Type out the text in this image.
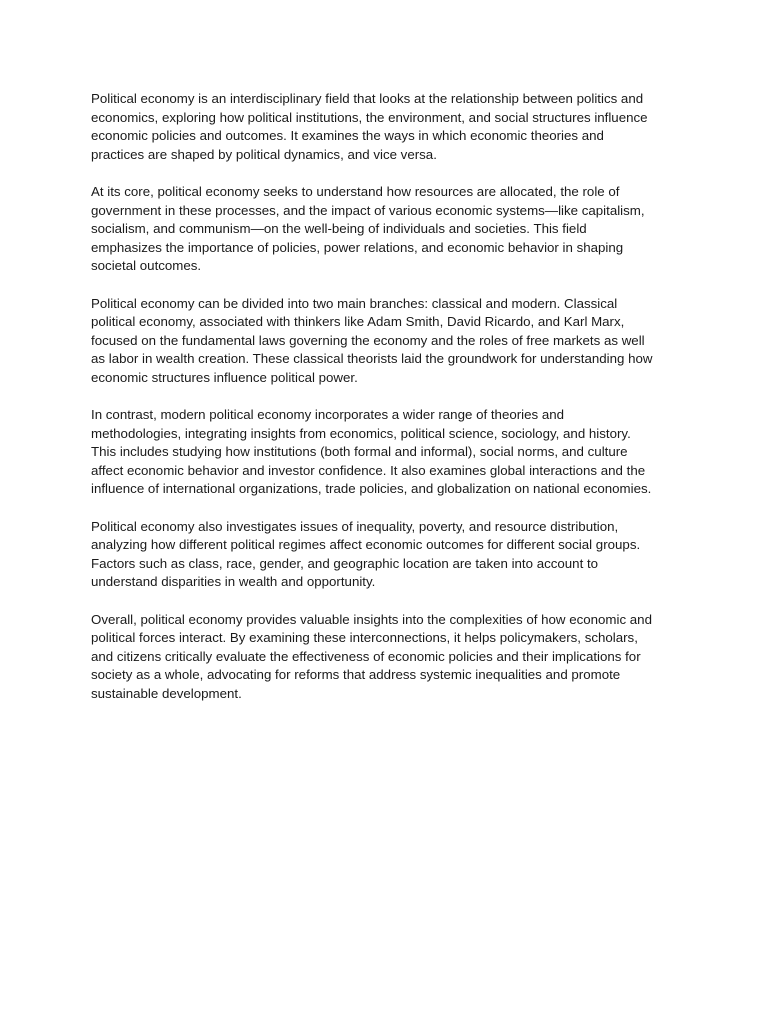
Political economy is an interdisciplinary field that looks at the relationship between politics and
economics, exploring how political institutions, the environment, and social structures influence
economic policies and outcomes. It examines the ways in which economic theories and
practices are shaped by political dynamics, and vice versa.

At its core, political economy seeks to understand how resources are allocated, the role of
government in these processes, and the impact of various economic systems—like capitalism,
socialism, and communism—on the well-being of individuals and societies. This field
emphasizes the importance of policies, power relations, and economic behavior in shaping
societal outcomes.

Political economy can be divided into two main branches: classical and modern. Classical
political economy, associated with thinkers like Adam Smith, David Ricardo, and Karl Marx,
focused on the fundamental laws governing the economy and the roles of free markets as well
as labor in wealth creation. These classical theorists laid the groundwork for understanding how
economic structures influence political power.

In contrast, modern political economy incorporates a wider range of theories and
methodologies, integrating insights from economics, political science, sociology, and history.
This includes studying how institutions (both formal and informal), social norms, and culture
affect economic behavior and investor confidence. It also examines global interactions and the
influence of international organizations, trade policies, and globalization on national economies.

Political economy also investigates issues of inequality, poverty, and resource distribution,
analyzing how different political regimes affect economic outcomes for different social groups.
Factors such as class, race, gender, and geographic location are taken into account to
understand disparities in wealth and opportunity.

Overall, political economy provides valuable insights into the complexities of how economic and
political forces interact. By examining these interconnections, it helps policymakers, scholars,
and citizens critically evaluate the effectiveness of economic policies and their implications for
society as a whole, advocating for reforms that address systemic inequalities and promote
sustainable development.
